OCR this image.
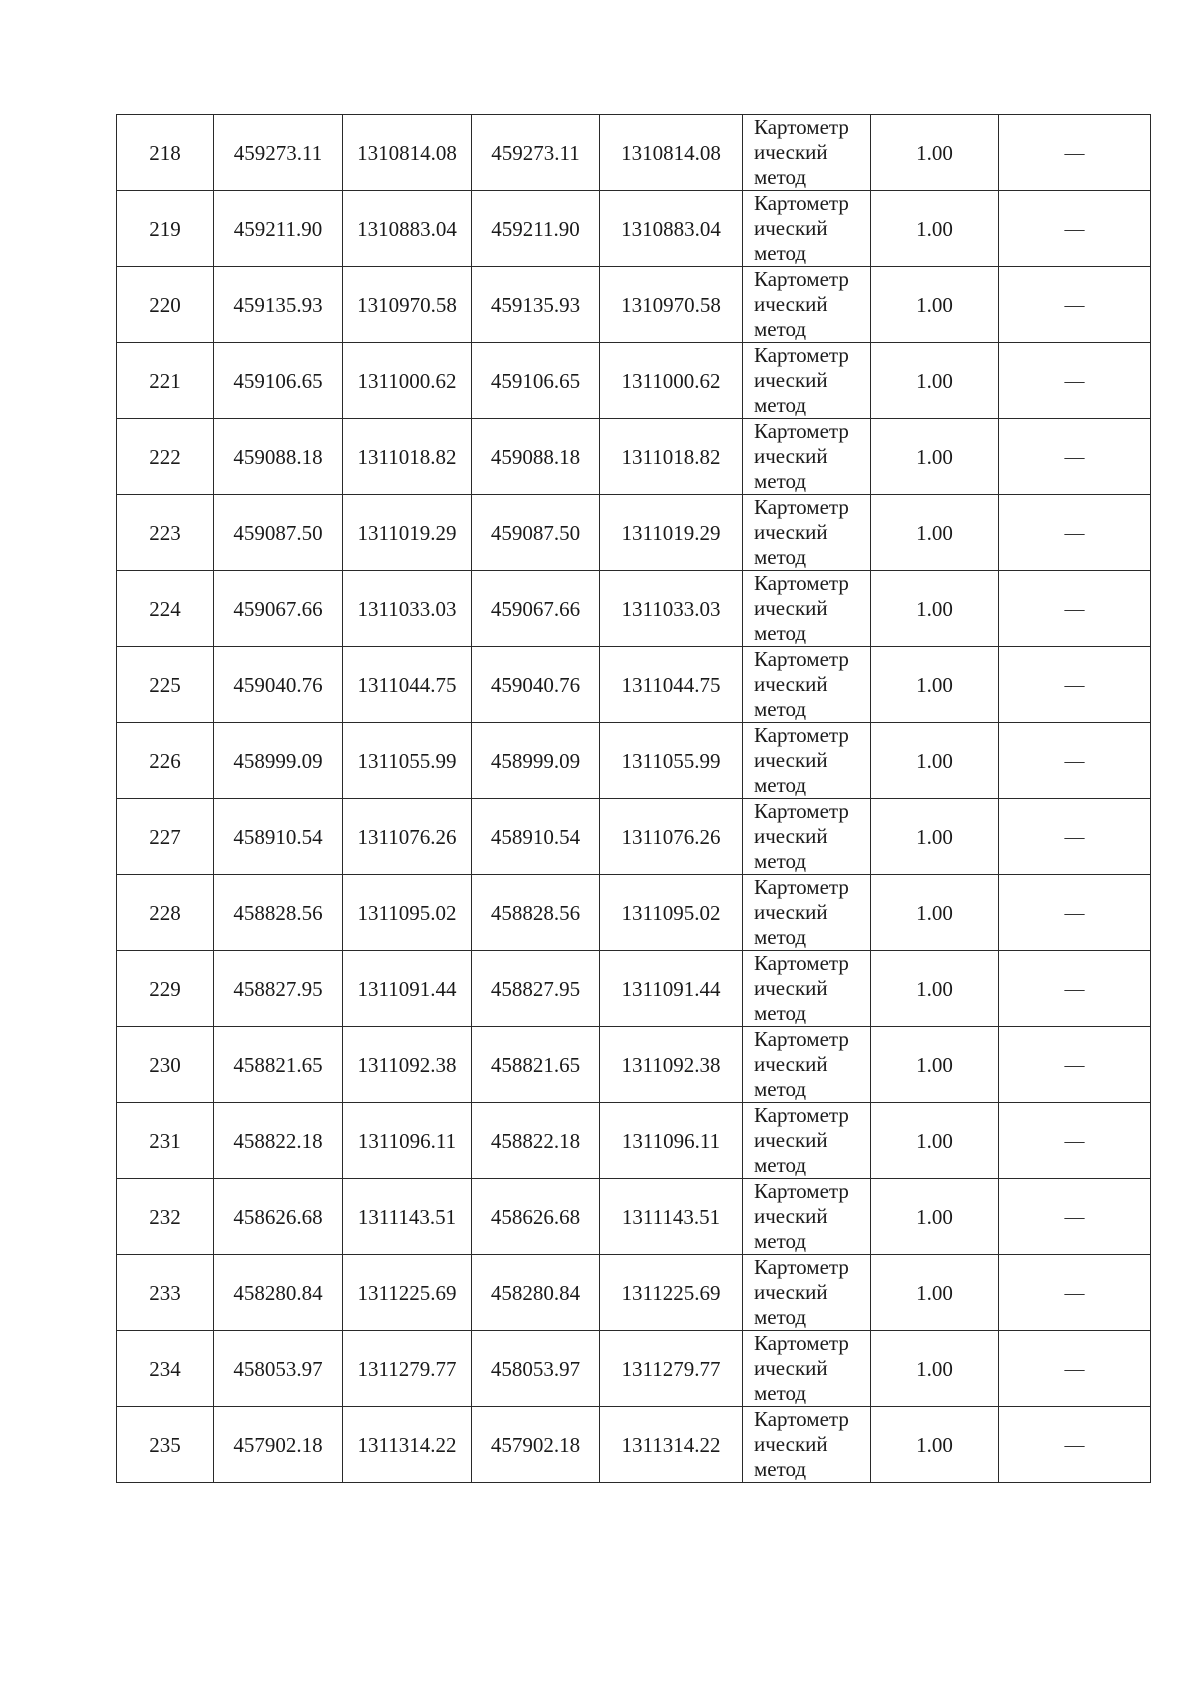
218	459273.11	1310814.08	459273.11	1310814.08	Картометр
ический
метод	1.00	—
219	459211.90	1310883.04	459211.90	1310883.04	Картометр
ический
метод	1.00	—
220	459135.93	1310970.58	459135.93	1310970.58	Картометр
ический
метод	1.00	—
221	459106.65	1311000.62	459106.65	1311000.62	Картометр
ический
метод	1.00	—
222	459088.18	1311018.82	459088.18	1311018.82	Картометр
ический
метод	1.00	—
223	459087.50	1311019.29	459087.50	1311019.29	Картометр
ический
метод	1.00	—
224	459067.66	1311033.03	459067.66	1311033.03	Картометр
ический
метод	1.00	—
225	459040.76	1311044.75	459040.76	1311044.75	Картометр
ический
метод	1.00	—
226	458999.09	1311055.99	458999.09	1311055.99	Картометр
ический
метод	1.00	—
227	458910.54	1311076.26	458910.54	1311076.26	Картометр
ический
метод	1.00	—
228	458828.56	1311095.02	458828.56	1311095.02	Картометр
ический
метод	1.00	—
229	458827.95	1311091.44	458827.95	1311091.44	Картометр
ический
метод	1.00	—
230	458821.65	1311092.38	458821.65	1311092.38	Картометр
ический
метод	1.00	—
231	458822.18	1311096.11	458822.18	1311096.11	Картометр
ический
метод	1.00	—
232	458626.68	1311143.51	458626.68	1311143.51	Картометр
ический
метод	1.00	—
233	458280.84	1311225.69	458280.84	1311225.69	Картометр
ический
метод	1.00	—
234	458053.97	1311279.77	458053.97	1311279.77	Картометр
ический
метод	1.00	—
235	457902.18	1311314.22	457902.18	1311314.22	Картометр
ический
метод	1.00	—
